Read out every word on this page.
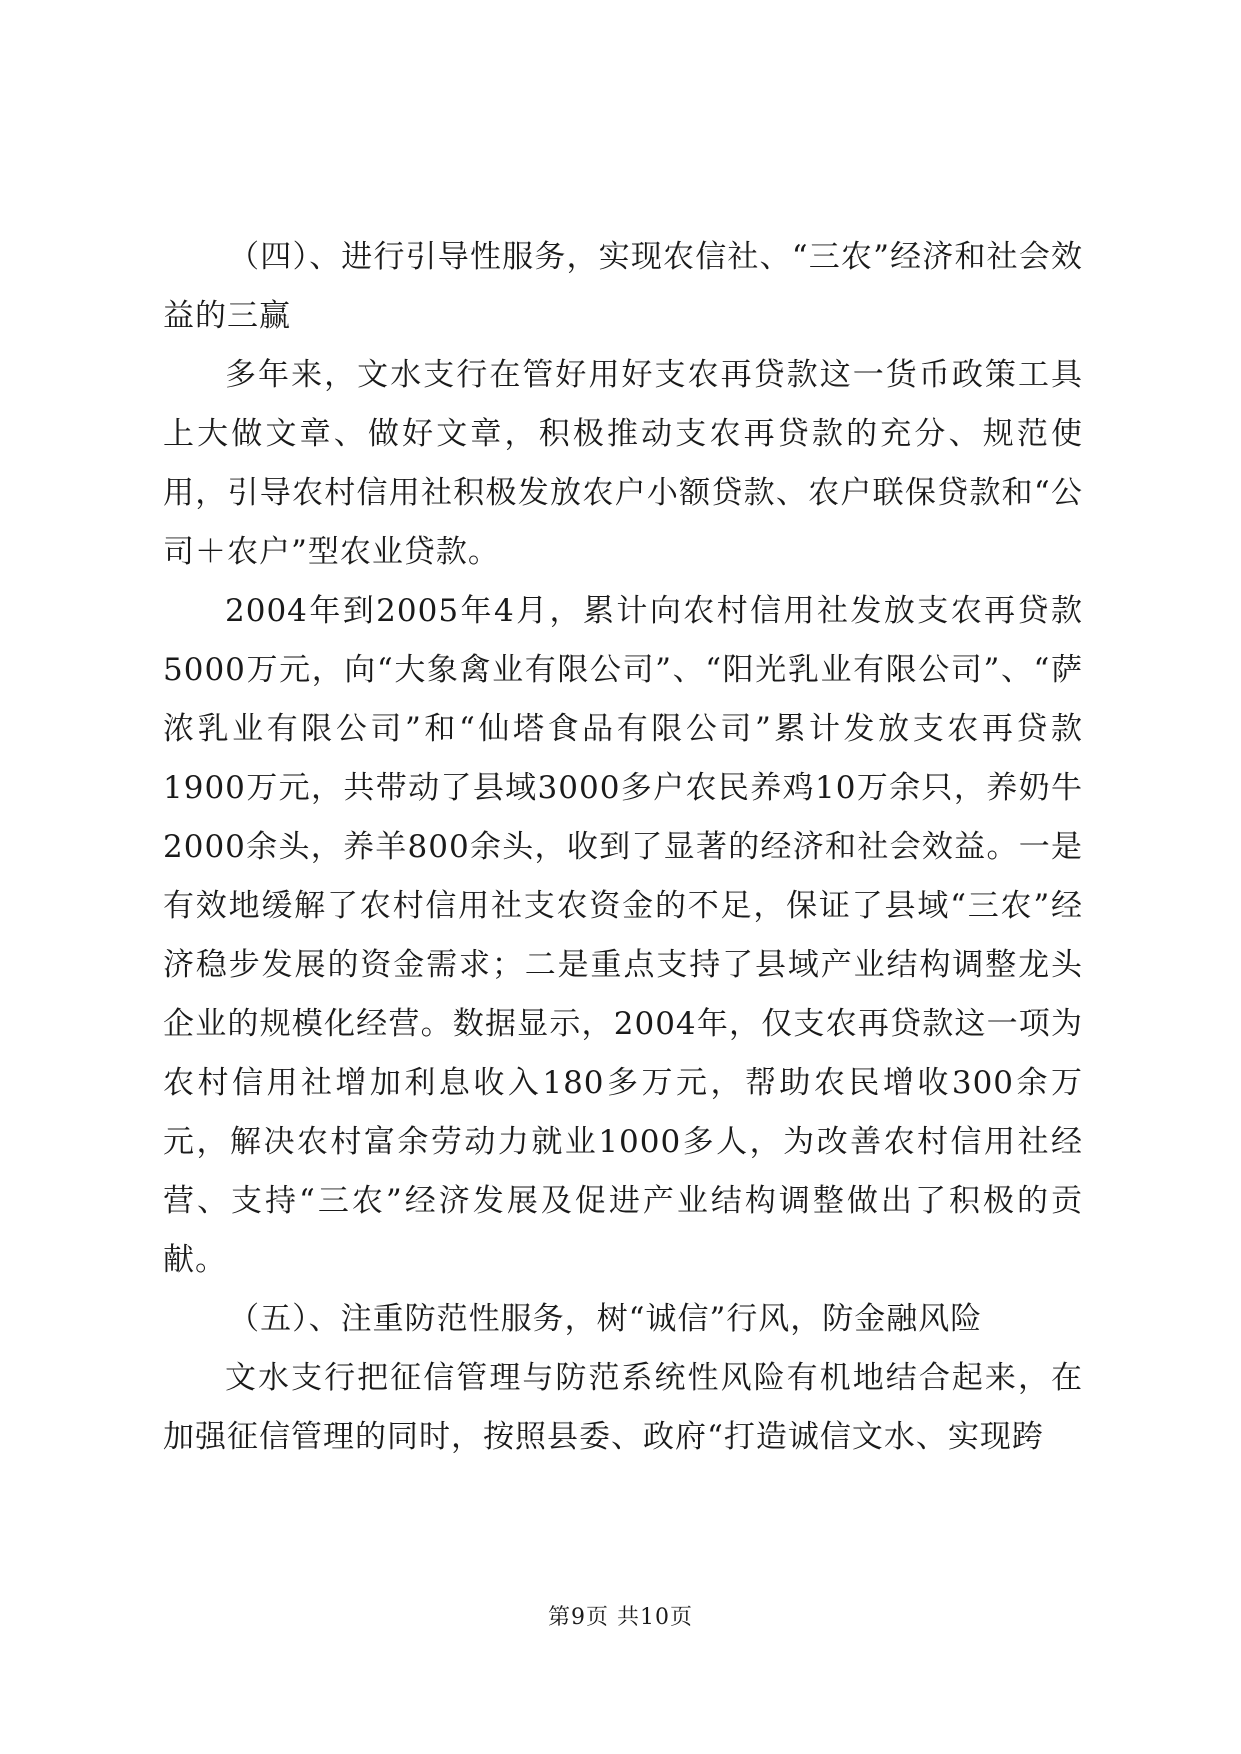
（四）、进行引导性服务，实现农信社、“三农”经济和社会效益的三赢

多年来，文水支行在管好用好支农再贷款这一货币政策工具上大做文章、做好文章，积极推动支农再贷款的充分、规范使用，引导农村信用社积极发放农户小额贷款、农户联保贷款和“公司＋农户”型农业贷款。

2004年到2005年4月，累计向农村信用社发放支农再贷款5000万元，向“大象禽业有限公司”、“阳光乳业有限公司”、“萨浓乳业有限公司”和“仙塔食品有限公司”累计发放支农再贷款1900万元，共带动了县域3000多户农民养鸡10万余只，养奶牛2000余头，养羊800余头，收到了显著的经济和社会效益。一是有效地缓解了农村信用社支农资金的不足，保证了县域“三农”经济稳步发展的资金需求；二是重点支持了县域产业结构调整龙头企业的规模化经营。数据显示，2004年，仅支农再贷款这一项为农村信用社增加利息收入180多万元，帮助农民增收300余万元，解决农村富余劳动力就业1000多人，为改善农村信用社经营、支持“三农”经济发展及促进产业结构调整做出了积极的贡献。

（五）、注重防范性服务，树“诚信”行风，防金融风险

文水支行把征信管理与防范系统性风险有机地结合起来，在加强征信管理的同时，按照县委、政府“打造诚信文水、实现跨

第9页 共10页
